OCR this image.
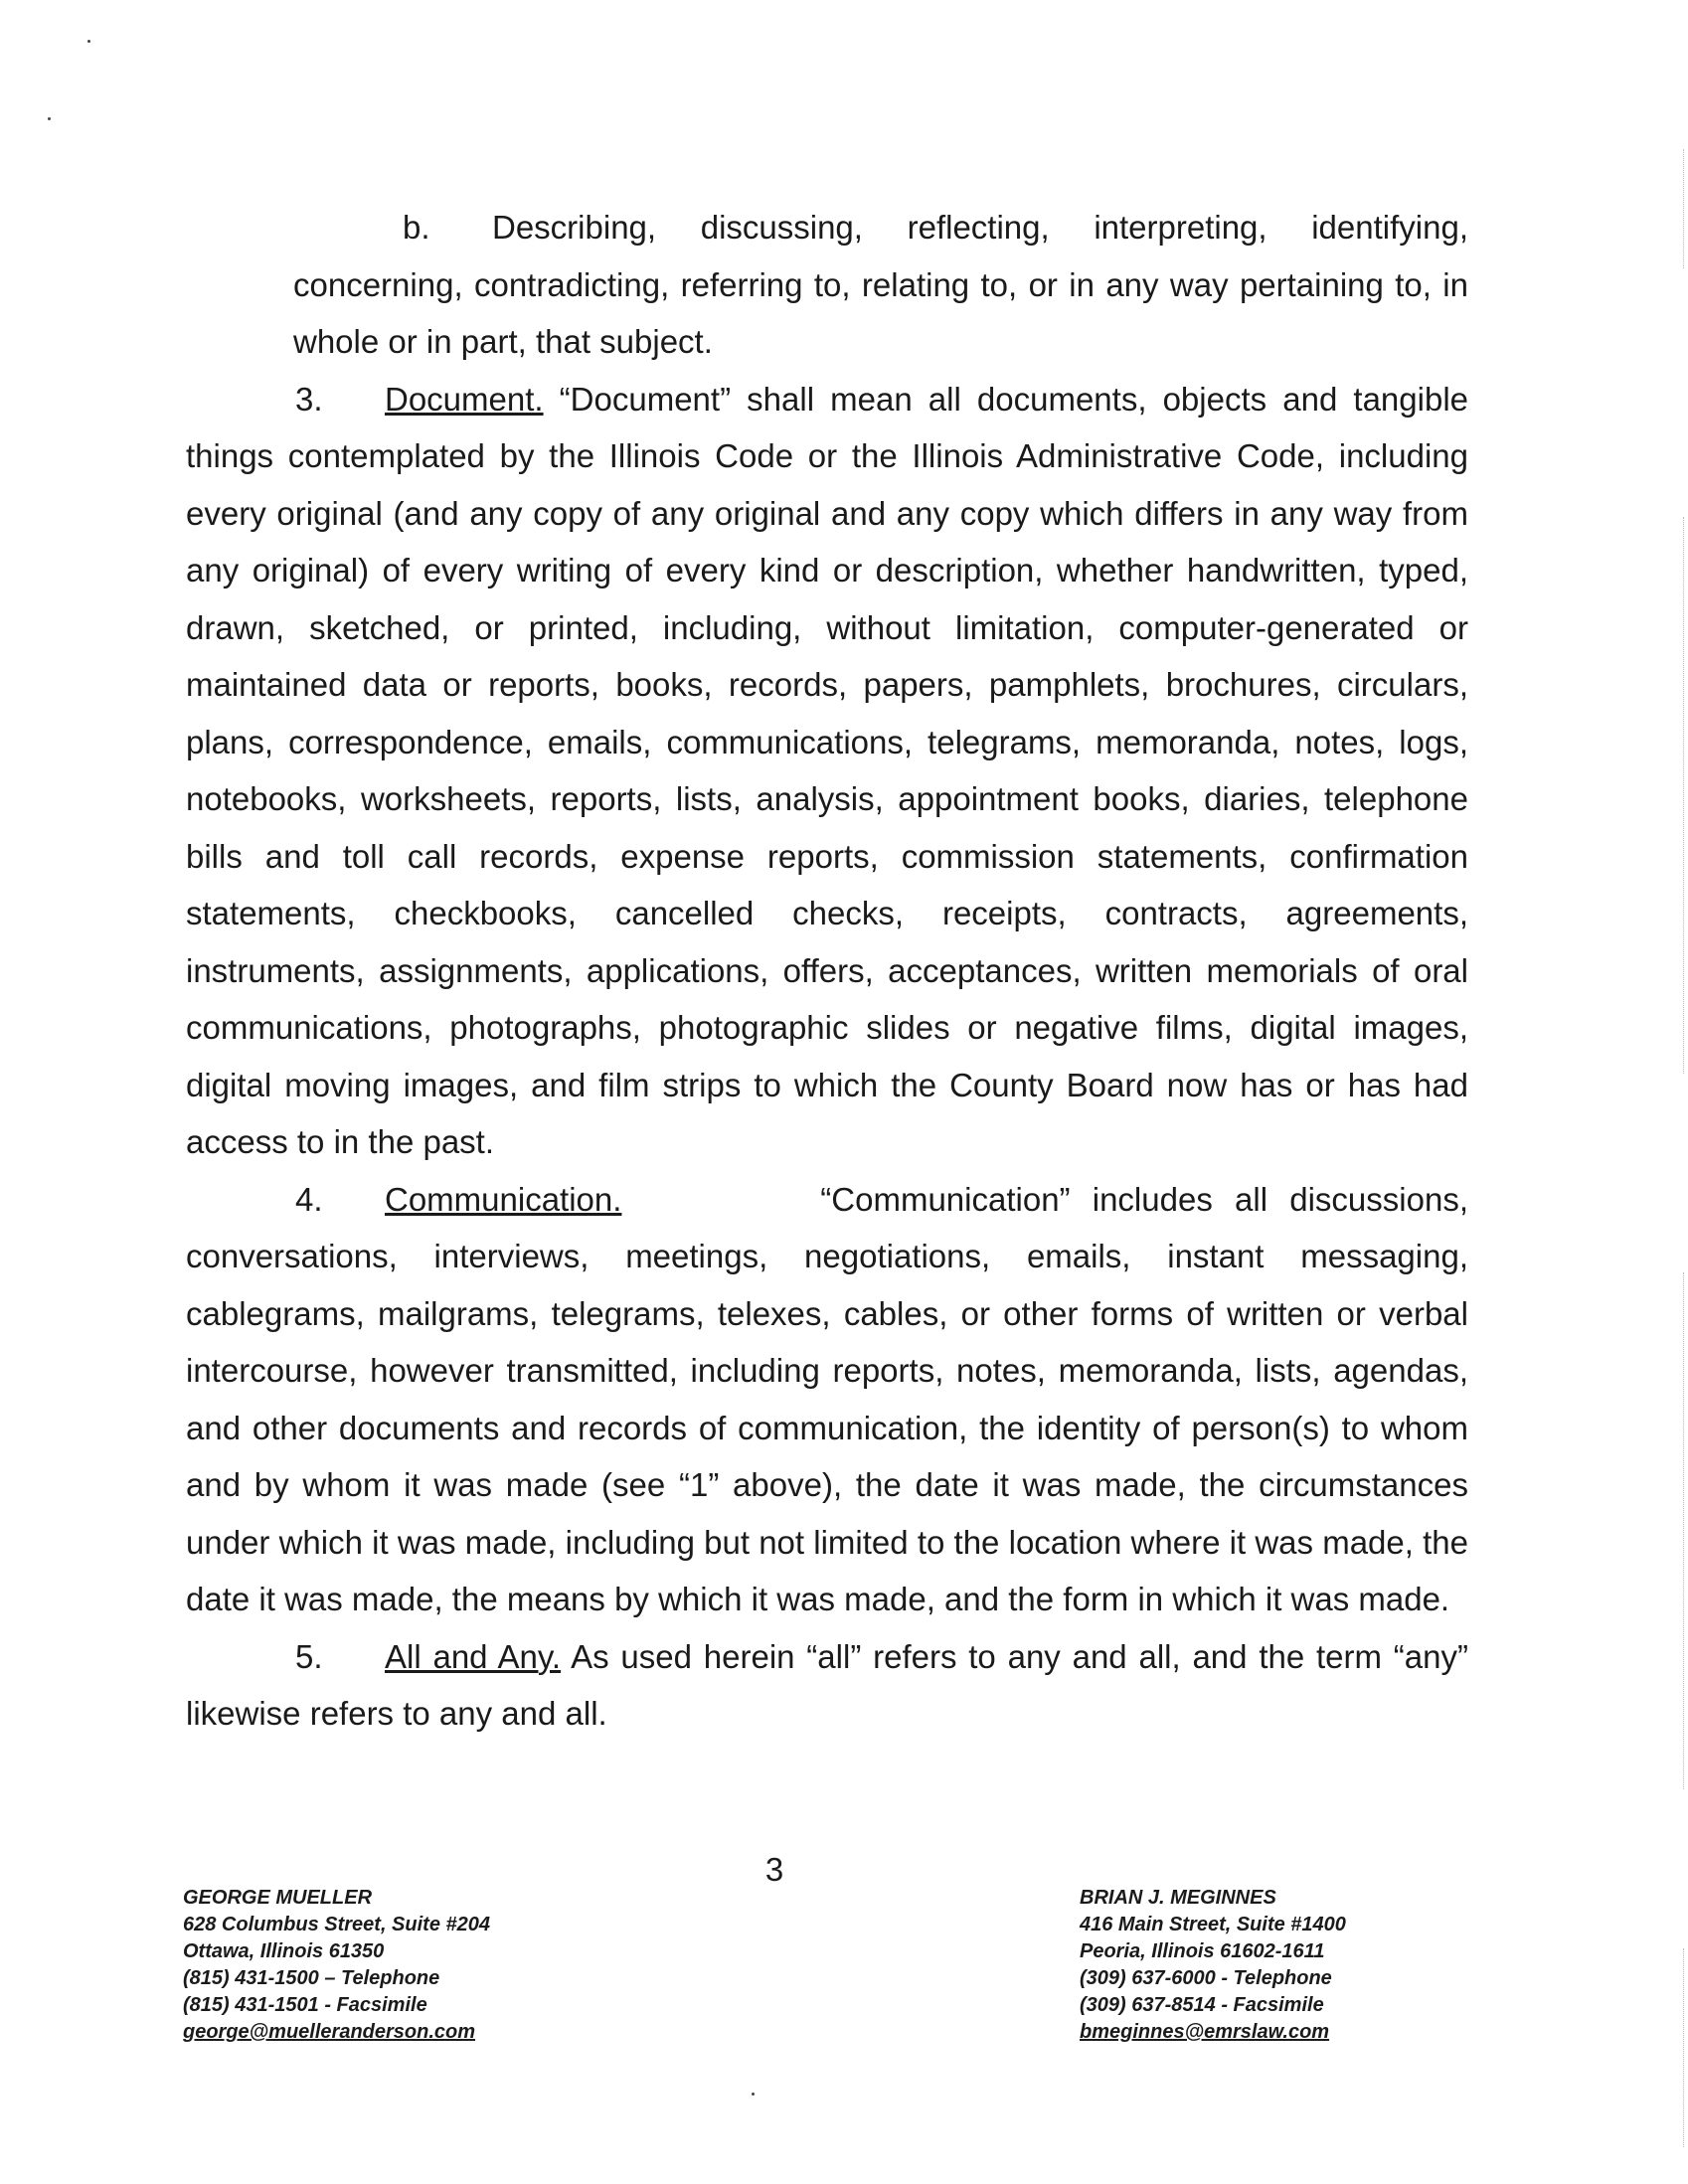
b. Describing, discussing, reflecting, interpreting, identifying, concerning, contradicting, referring to, relating to, or in any way pertaining to, in whole or in part, that subject.

3. Document. “Document” shall mean all documents, objects and tangible things contemplated by the Illinois Code or the Illinois Administrative Code, including every original (and any copy of any original and any copy which differs in any way from any original) of every writing of every kind or description, whether handwritten, typed, drawn, sketched, or printed, including, without limitation, computer-generated or maintained data or reports, books, records, papers, pamphlets, brochures, circulars, plans, correspondence, emails, communications, telegrams, memoranda, notes, logs, notebooks, worksheets, reports, lists, analysis, appointment books, diaries, telephone bills and toll call records, expense reports, commission statements, confirmation statements, checkbooks, cancelled checks, receipts, contracts, agreements, instruments, assignments, applications, offers, acceptances, written memorials of oral communications, photographs, photographic slides or negative films, digital images, digital moving images, and film strips to which the County Board now has or has had access to in the past.

4. Communication.         “Communication” includes all discussions, conversations, interviews, meetings, negotiations, emails, instant messaging, cablegrams, mailgrams, telegrams, telexes, cables, or other forms of written or verbal intercourse, however transmitted, including reports, notes, memoranda, lists, agendas, and other documents and records of communication, the identity of person(s) to whom and by whom it was made (see “1” above), the date it was made, the circumstances under which it was made, including but not limited to the location where it was made, the date it was made, the means by which it was made, and the form in which it was made.

5. All and Any. As used herein “all” refers to any and all, and the term “any” likewise refers to any and all.

3
GEORGE MUELLER
628 Columbus Street, Suite #204
Ottawa, Illinois 61350
(815) 431-1500 – Telephone
(815) 431-1501 - Facsimile
george@muelleranderson.com
BRIAN J. MEGINNES
416 Main Street, Suite #1400
Peoria, Illinois 61602-1611
(309) 637-6000 - Telephone
(309) 637-8514 - Facsimile
bmeginnes@emrslaw.com
